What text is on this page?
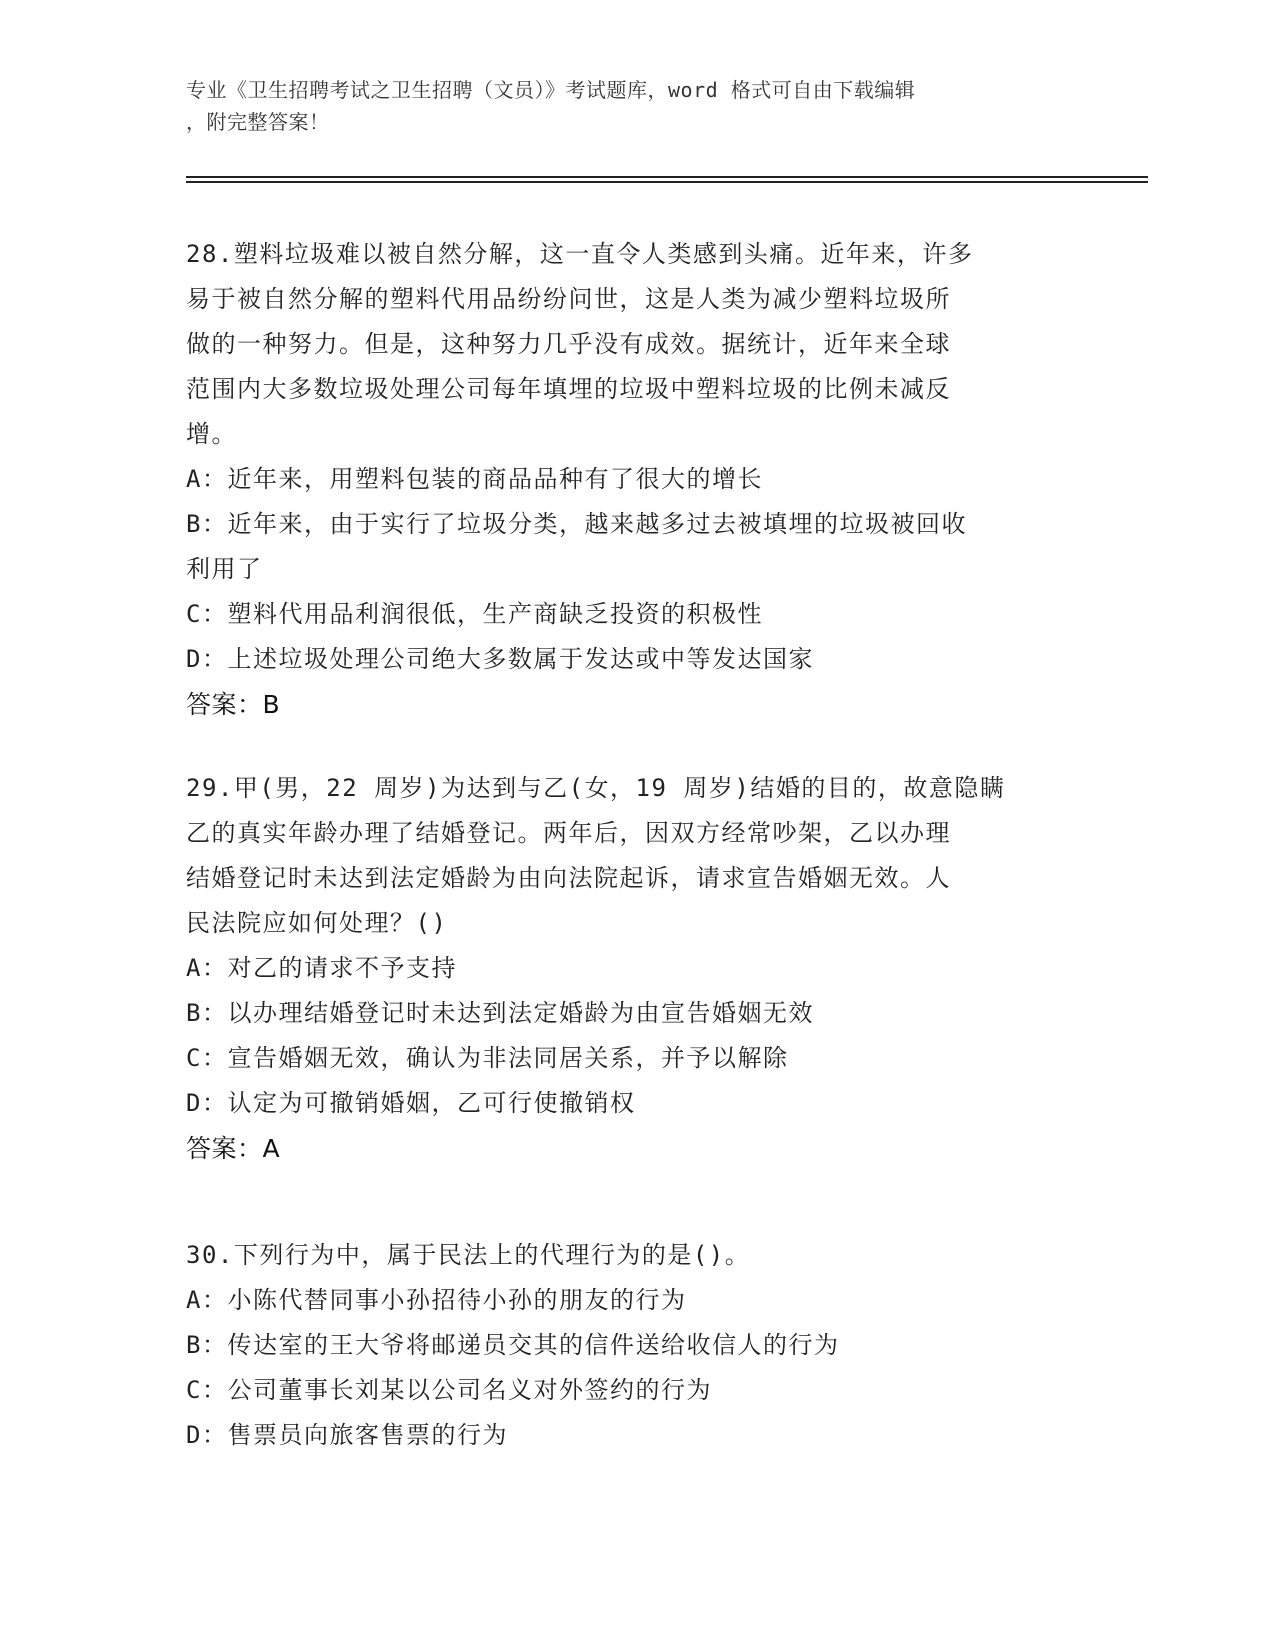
专业《卫生招聘考试之卫生招聘（文员）》考试题库，word 格式可自由下载编辑
，附完整答案！
28.塑料垃圾难以被自然分解，这一直令人类感到头痛。近年来，许多
易于被自然分解的塑料代用品纷纷问世，这是人类为减少塑料垃圾所
做的一种努力。但是，这种努力几乎没有成效。据统计，近年来全球
范围内大多数垃圾处理公司每年填埋的垃圾中塑料垃圾的比例未减反
增。
A：近年来，用塑料包装的商品品种有了很大的增长
B：近年来，由于实行了垃圾分类，越来越多过去被填埋的垃圾被回收
利用了
C：塑料代用品利润很低，生产商缺乏投资的积极性
D：上述垃圾处理公司绝大多数属于发达或中等发达国家
答案：B
29.甲(男，22 周岁)为达到与乙(女，19 周岁)结婚的目的，故意隐瞒
乙的真实年龄办理了结婚登记。两年后，因双方经常吵架，乙以办理
结婚登记时未达到法定婚龄为由向法院起诉，请求宣告婚姻无效。人
民法院应如何处理？()
A：对乙的请求不予支持
B：以办理结婚登记时未达到法定婚龄为由宣告婚姻无效
C：宣告婚姻无效，确认为非法同居关系，并予以解除
D：认定为可撤销婚姻，乙可行使撤销权
答案：A
30.下列行为中，属于民法上的代理行为的是()。
A：小陈代替同事小孙招待小孙的朋友的行为
B：传达室的王大爷将邮递员交其的信件送给收信人的行为
C：公司董事长刘某以公司名义对外签约的行为
D：售票员向旅客售票的行为
